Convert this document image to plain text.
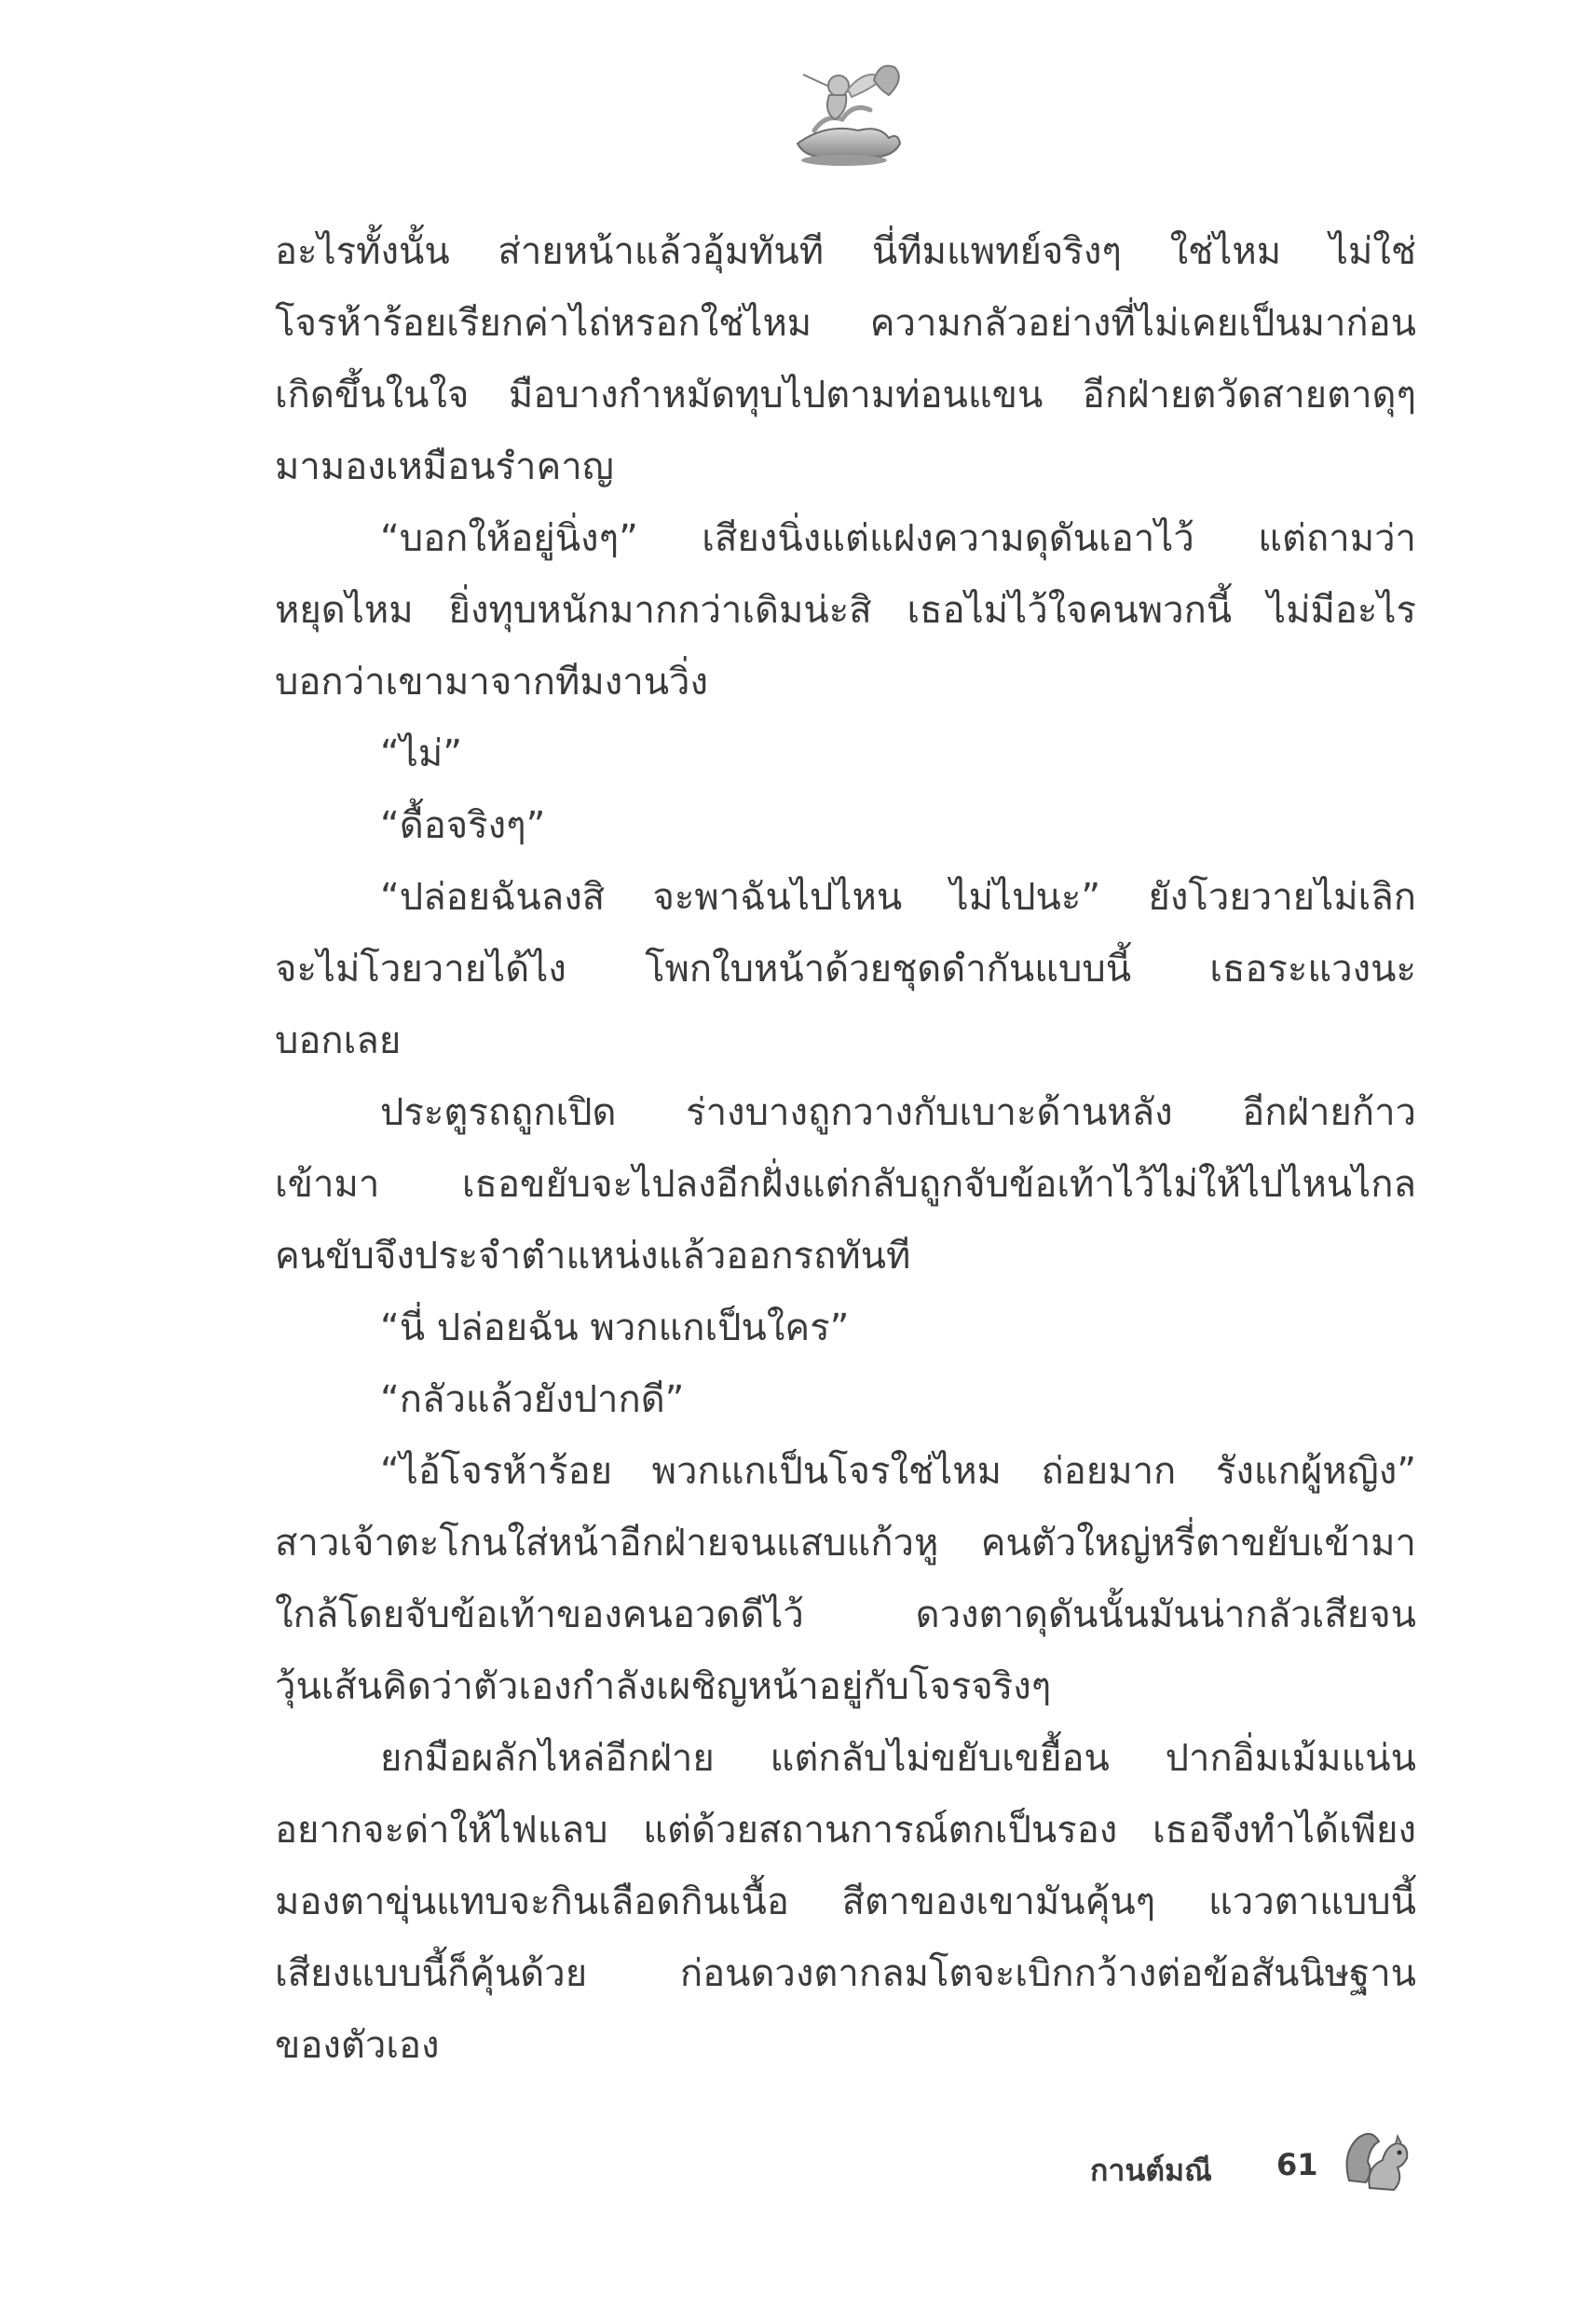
อะไรทั้งนั้น ส่ายหน้าแล้วอุ้มทันที นี่ทีมแพทย์จริงๆ ใช่ไหม ไม่ใช่
โจรห้าร้อยเรียกค่าไถ่หรอกใช่ไหม ความกลัวอย่างที่ไม่เคยเป็นมาก่อน
เกิดขึ้นในใจ มือบางกำหมัดทุบไปตามท่อนแขน อีกฝ่ายตวัดสายตาดุๆ
มามองเหมือนรำคาญ
“บอกให้อยู่นิ่งๆ” เสียงนิ่งแต่แฝงความดุดันเอาไว้ แต่ถามว่า
หยุดไหม ยิ่งทุบหนักมากกว่าเดิมน่ะสิ เธอไม่ไว้ใจคนพวกนี้ ไม่มีอะไร
บอกว่าเขามาจากทีมงานวิ่ง
“ไม่”
“ดื้อจริงๆ”
“ปล่อยฉันลงสิ จะพาฉันไปไหน ไม่ไปนะ” ยังโวยวายไม่เลิก
จะไม่โวยวายได้ไง โพกใบหน้าด้วยชุดดำกันแบบนี้ เธอระแวงนะ
บอกเลย
ประตูรถถูกเปิด ร่างบางถูกวางกับเบาะด้านหลัง อีกฝ่ายก้าว
เข้ามา เธอขยับจะไปลงอีกฝั่งแต่กลับถูกจับข้อเท้าไว้ไม่ให้ไปไหนไกล
คนขับจึงประจำตำแหน่งแล้วออกรถทันที
“นี่ ปล่อยฉัน พวกแกเป็นใคร”
“กลัวแล้วยังปากดี”
“ไอ้โจรห้าร้อย พวกแกเป็นโจรใช่ไหม ถ่อยมาก รังแกผู้หญิง”
สาวเจ้าตะโกนใส่หน้าอีกฝ่ายจนแสบแก้วหู คนตัวใหญ่หรี่ตาขยับเข้ามา
ใกล้โดยจับข้อเท้าของคนอวดดีไว้ ดวงตาดุดันนั้นมันน่ากลัวเสียจน
วุ้นเส้นคิดว่าตัวเองกำลังเผชิญหน้าอยู่กับโจรจริงๆ
ยกมือผลักไหล่อีกฝ่าย แต่กลับไม่ขยับเขยื้อน ปากอิ่มเม้มแน่น
อยากจะด่าให้ไฟแลบ แต่ด้วยสถานการณ์ตกเป็นรอง เธอจึงทำได้เพียง
มองตาขุ่นแทบจะกินเลือดกินเนื้อ สีตาของเขามันคุ้นๆ แววตาแบบนี้
เสียงแบบนี้ก็คุ้นด้วย ก่อนดวงตากลมโตจะเบิกกว้างต่อข้อสันนิษฐาน
ของตัวเอง
กานต์มณี 61
